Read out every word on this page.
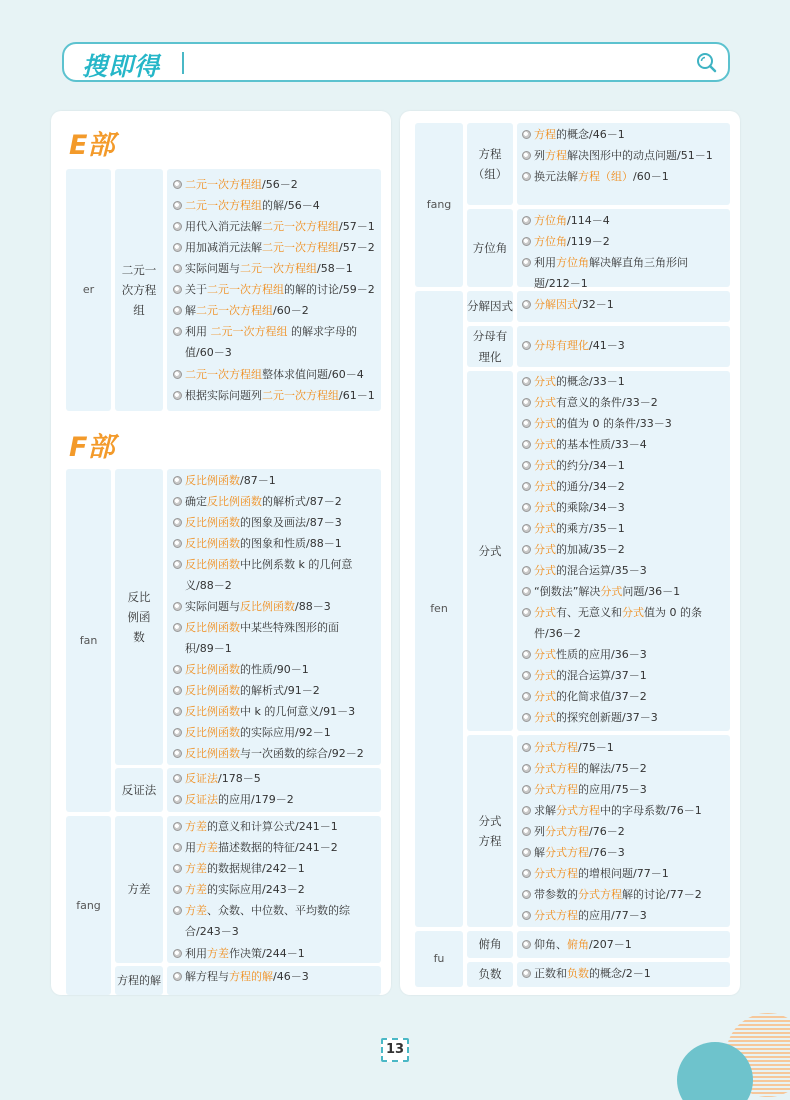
搜即得
E部
er
二元一次方程组
F部
fan
反比例函数
反证法
fang
方差
方程的解
二元一次方程组/56－2
二元一次方程组的解/56－4
用代入消元法解二元一次方程组/57－1
用加减消元法解二元一次方程组/57－2
实际问题与二元一次方程组/58－1
关于二元一次方程组的解的讨论/59－2
解二元一次方程组/60－2
利用 二元一次方程组 的解求字母的
值/60－3
二元一次方程组整体求值问题/60－4
根据实际问题列二元一次方程组/61－1
反比例函数/87－1
确定反比例函数的解析式/87－2
反比例函数的图象及画法/87－3
反比例函数的图象和性质/88－1
反比例函数中比例系数 k 的几何意
义/88－2
实际问题与反比例函数/88－3
反比例函数中某些特殊图形的面
积/89－1
反比例函数的性质/90－1
反比例函数的解析式/91－2
反比例函数中 k 的几何意义/91－3
反比例函数的实际应用/92－1
反比例函数与一次函数的综合/92－2
反证法/178－5
反证法的应用/179－2
方差的意义和计算公式/241－1
用方差描述数据的特征/241－2
方差的数据规律/242－1
方差的实际应用/243－2
方差、众数、中位数、平均数的综
合/243－3
利用方差作决策/244－1
解方程与方程的解/46－3
fang
方程（组）
方位角
fen
分解因式
分母有理化
分式
分式方程
fu
俯角
负数
方程的概念/46－1
列方程解决图形中的动点问题/51－1
换元法解方程（组）/60－1
方位角/114－4
方位角/119－2
利用方位角解决解直角三角形问
题/212－1
分解因式/32－1
分母有理化/41－3
分式的概念/33－1
分式有意义的条件/33－2
分式的值为 0 的条件/33－3
分式的基本性质/33－4
分式的约分/34－1
分式的通分/34－2
分式的乘除/34－3
分式的乘方/35－1
分式的加减/35－2
分式的混合运算/35－3
“倒数法”解决分式问题/36－1
分式有、无意义和分式值为 0 的条
件/36－2
分式性质的应用/36－3
分式的混合运算/37－1
分式的化简求值/37－2
分式的探究创新题/37－3
分式方程/75－1
分式方程的解法/75－2
分式方程的应用/75－3
求解分式方程中的字母系数/76－1
列分式方程/76－2
解分式方程/76－3
分式方程的增根问题/77－1
带参数的分式方程解的讨论/77－2
分式方程的应用/77－3
仰角、俯角/207－1
正数和负数的概念/2－1
13
